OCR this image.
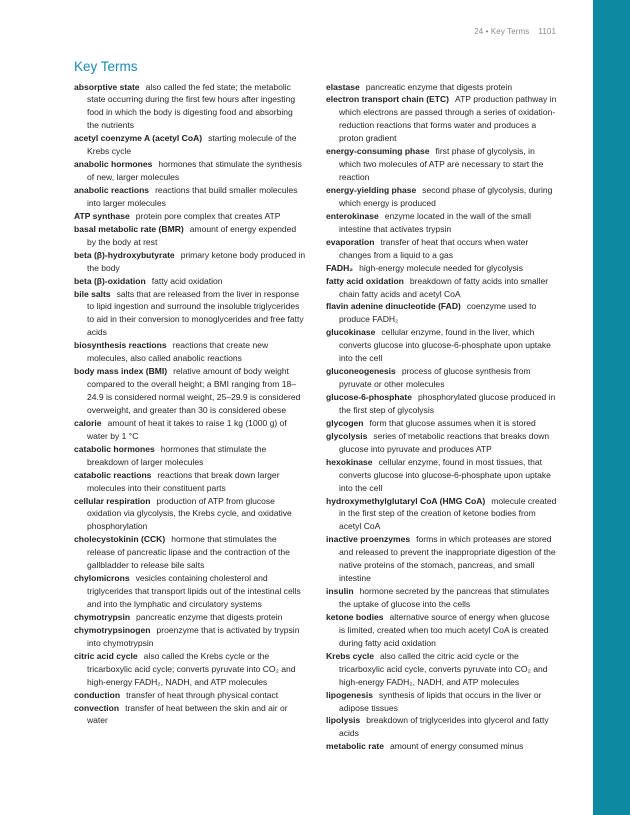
24 • Key Terms 1101
Key Terms
absorptive state also called the fed state; the metabolic state occurring during the first few hours after ingesting food in which the body is digesting food and absorbing the nutrients
acetyl coenzyme A (acetyl CoA) starting molecule of the Krebs cycle
anabolic hormones hormones that stimulate the synthesis of new, larger molecules
anabolic reactions reactions that build smaller molecules into larger molecules
ATP synthase protein pore complex that creates ATP
basal metabolic rate (BMR) amount of energy expended by the body at rest
beta (β)-hydroxybutyrate primary ketone body produced in the body
beta (β)-oxidation fatty acid oxidation
bile salts salts that are released from the liver in response to lipid ingestion and surround the insoluble triglycerides to aid in their conversion to monoglycerides and free fatty acids
biosynthesis reactions reactions that create new molecules, also called anabolic reactions
body mass index (BMI) relative amount of body weight compared to the overall height; a BMI ranging from 18–24.9 is considered normal weight, 25–29.9 is considered overweight, and greater than 30 is considered obese
calorie amount of heat it takes to raise 1 kg (1000 g) of water by 1 °C
catabolic hormones hormones that stimulate the breakdown of larger molecules
catabolic reactions reactions that break down larger molecules into their constituent parts
cellular respiration production of ATP from glucose oxidation via glycolysis, the Krebs cycle, and oxidative phosphorylation
cholecystokinin (CCK) hormone that stimulates the release of pancreatic lipase and the contraction of the gallbladder to release bile salts
chylomicrons vesicles containing cholesterol and triglycerides that transport lipids out of the intestinal cells and into the lymphatic and circulatory systems
chymotrypsin pancreatic enzyme that digests protein
chymotrypsinogen proenzyme that is activated by trypsin into chymotrypsin
citric acid cycle also called the Krebs cycle or the tricarboxylic acid cycle; converts pyruvate into CO₂ and high-energy FADH₂, NADH, and ATP molecules
conduction transfer of heat through physical contact
convection transfer of heat between the skin and air or water
elastase pancreatic enzyme that digests protein
electron transport chain (ETC) ATP production pathway in which electrons are passed through a series of oxidation-reduction reactions that forms water and produces a proton gradient
energy-consuming phase first phase of glycolysis, in which two molecules of ATP are necessary to start the reaction
energy-yielding phase second phase of glycolysis, during which energy is produced
enterokinase enzyme located in the wall of the small intestine that activates trypsin
evaporation transfer of heat that occurs when water changes from a liquid to a gas
FADH₂ high-energy molecule needed for glycolysis
fatty acid oxidation breakdown of fatty acids into smaller chain fatty acids and acetyl CoA
flavin adenine dinucleotide (FAD) coenzyme used to produce FADH₂
glucokinase cellular enzyme, found in the liver, which converts glucose into glucose-6-phosphate upon uptake into the cell
gluconeogenesis process of glucose synthesis from pyruvate or other molecules
glucose-6-phosphate phosphorylated glucose produced in the first step of glycolysis
glycogen form that glucose assumes when it is stored
glycolysis series of metabolic reactions that breaks down glucose into pyruvate and produces ATP
hexokinase cellular enzyme, found in most tissues, that converts glucose into glucose-6-phosphate upon uptake into the cell
hydroxymethylglutaryl CoA (HMG CoA) molecule created in the first step of the creation of ketone bodies from acetyl CoA
inactive proenzymes forms in which proteases are stored and released to prevent the inappropriate digestion of the native proteins of the stomach, pancreas, and small intestine
insulin hormone secreted by the pancreas that stimulates the uptake of glucose into the cells
ketone bodies alternative source of energy when glucose is limited, created when too much acetyl CoA is created during fatty acid oxidation
Krebs cycle also called the citric acid cycle or the tricarboxylic acid cycle, converts pyruvate into CO₂ and high-energy FADH₂, NADH, and ATP molecules
lipogenesis synthesis of lipids that occurs in the liver or adipose tissues
lipolysis breakdown of triglycerides into glycerol and fatty acids
metabolic rate amount of energy consumed minus
